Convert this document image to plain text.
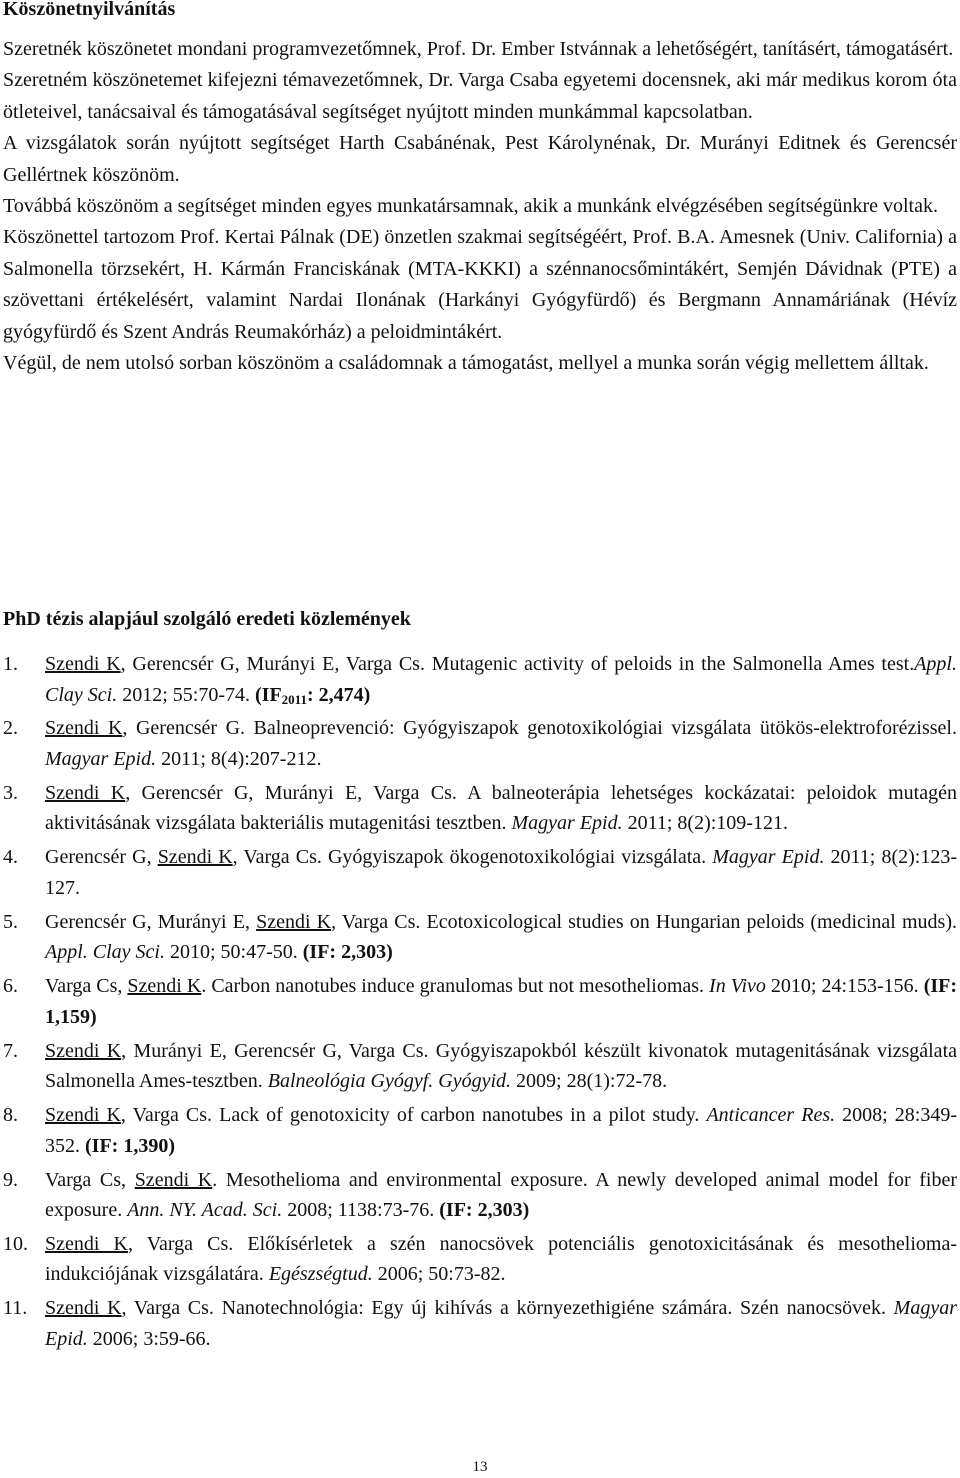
Köszönetnyilvánítás

Szeretnék köszönetet mondani programvezetőmnek, Prof. Dr. Ember Istvánnak a lehetőségért, tanításért, támogatásért.

Szeretném köszönetemet kifejezni témavezetőmnek, Dr. Varga Csaba egyetemi docensnek, aki már medikus korom óta ötleteivel, tanácsaival és támogatásával segítséget nyújtott minden munkámmal kapcsolatban.

A vizsgálatok során nyújtott segítséget Harth Csabánénak, Pest Károlynénak, Dr. Murányi Editnek és Gerencsér Gellértnek köszönöm.

Továbbá köszönöm a segítséget minden egyes munkatársamnak, akik a munkánk elvégzésében segítségünkre voltak.

Köszönettel tartozom Prof. Kertai Pálnak (DE) önzetlen szakmai segítségéért, Prof. B.A. Amesnek (Univ. California) a Salmonella törzsekért, H. Kármán Franciskának (MTA-KKKI) a szénnanocsőmintákért, Semjén Dávidnak (PTE) a szövettani értékelésért, valamint Nardai Ilonának (Harkányi Gyógyfürdő) és Bergmann Annamáriának (Hévíz gyógyfürdő és Szent András Reumakórház) a peloidmintákért.

Végül, de nem utolsó sorban köszönöm a családomnak a támogatást, mellyel a munka során végig mellettem álltak.

PhD tézis alapjául szolgáló eredeti közlemények
1. Szendi K, Gerencsér G, Murányi E, Varga Cs. Mutagenic activity of peloids in the Salmonella Ames test.Appl. Clay Sci. 2012; 55:70-74. ($IF_{2011}$: 2,474)
2. Szendi K, Gerencsér G. Balneoprevenció: Gyógyiszapok genotoxikológiai vizsgálata ütökös-elektroforézissel. Magyar Epid. 2011; 8(4):207-212.
3. Szendi K, Gerencsér G, Murányi E, Varga Cs. A balneoterápia lehetséges kockázatai: peloidok mutagén aktivitásának vizsgálata bakteriális mutagenitási tesztben. Magyar Epid. 2011; 8(2):109-121.
4. Gerencsér G, Szendi K, Varga Cs. Gyógyiszapok ökogenotoxikológiai vizsgálata. Magyar Epid. 2011; 8(2):123-127.
5. Gerencsér G, Murányi E, Szendi K, Varga Cs. Ecotoxicological studies on Hungarian peloids (medicinal muds). Appl. Clay Sci. 2010; 50:47-50. (IF: 2,303)
6. Varga Cs, Szendi K. Carbon nanotubes induce granulomas but not mesotheliomas. In Vivo 2010; 24:153-156. (IF: 1,159)
7. Szendi K, Murányi E, Gerencsér G, Varga Cs. Gyógyiszapokból készült kivonatok mutagenitásának vizsgálata Salmonella Ames-tesztben. Balneológia Gyógyf. Gyógyid. 2009; 28(1):72-78.
8. Szendi K, Varga Cs. Lack of genotoxicity of carbon nanotubes in a pilot study. Anticancer Res. 2008; 28:349-352. (IF: 1,390)
9. Varga Cs, Szendi K. Mesothelioma and environmental exposure. A newly developed animal model for fiber exposure. Ann. NY. Acad. Sci. 2008; 1138:73-76. (IF: 2,303)
10. Szendi K, Varga Cs. Előkísérletek a szén nanocsövek potenciális genotoxicitásának és mesothelioma-indukciójának vizsgálatára. Egészségtud. 2006; 50:73-82.
11. Szendi K, Varga Cs. Nanotechnológia: Egy új kihívás a környezethigiéne számára. Szén nanocsövek. Magyar Epid. 2006; 3:59-66.
13
